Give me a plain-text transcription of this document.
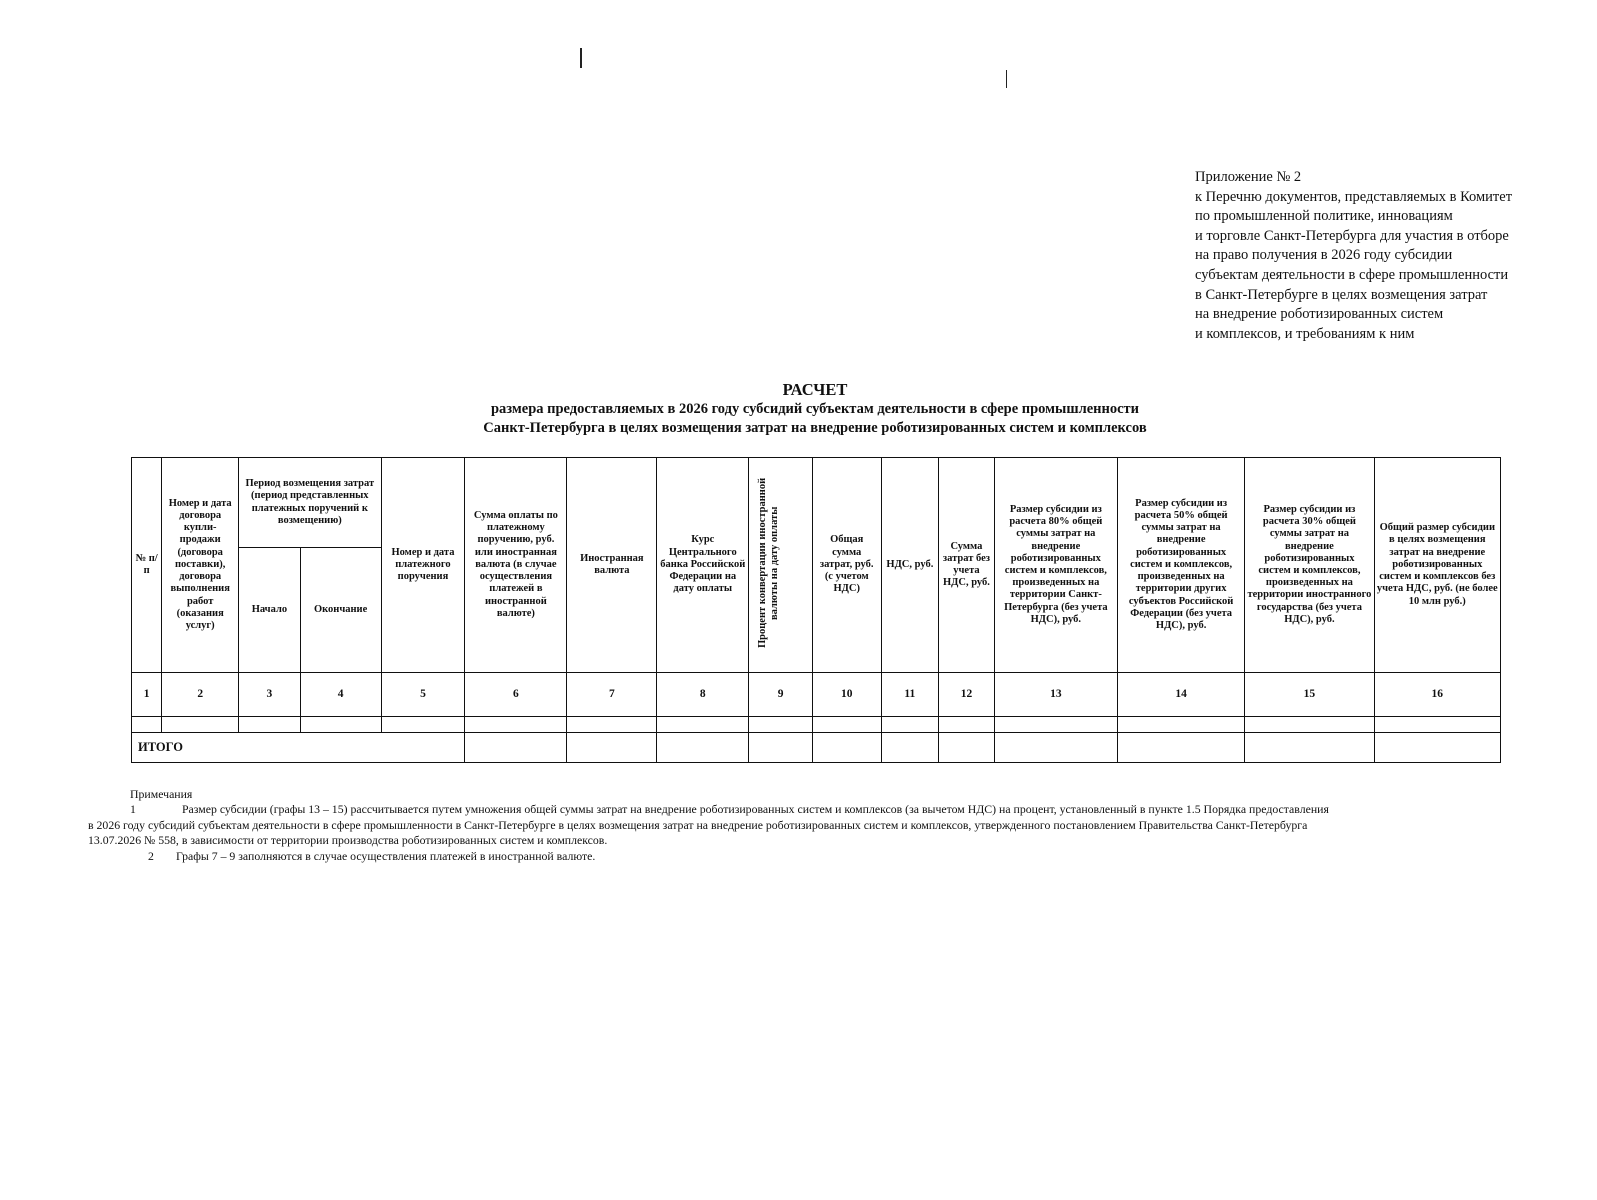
Приложение № 2
к Перечню документов, представляемых в Комитет
по промышленной политике, инновациям
и торговле Санкт-Петербурга для участия в отборе
на право получения в 2026 году субсидии
субъектам деятельности в сфере промышленности
в Санкт-Петербурге в целях возмещения затрат
на внедрение роботизированных систем
и комплексов, и требованиям к ним
РАСЧЕТ
размера предоставляемых в 2026 году субсидий субъектам деятельности в сфере промышленности
Санкт-Петербурга в целях возмещения затрат на внедрение роботизированных систем и комплексов
№ п/п	Номер и дата договора купли-продажи (договора поставки), договора выполнения работ (оказания услуг)	Период возмещения затрат (период представленных платежных поручений к возмещению)		Номер и дата платежного поручения	Сумма оплаты по платежному поручению, руб. или иностранная валюта (в случае осуществления платежей в иностранной валюте)	Иностранная валюта	Курс Центрального банка Российской Федерации на дату оплаты	Процент конвертации иностранной валюты на дату оплаты	Общая сумма затрат, руб. (с учетом НДС)	НДС, руб.	Сумма затрат без учета НДС, руб.	Размер субсидии из расчета 80% общей суммы затрат на внедрение роботизированных систем и комплексов, произведенных на территории Санкт-Петербурга (без учета НДС), руб.	Размер субсидии из расчета 50% общей суммы затрат на внедрение роботизированных систем и комплексов, произведенных на территории других субъектов Российской Федерации (без учета НДС), руб.	Размер субсидии из расчета 30% общей суммы затрат на внедрение роботизированных систем и комплексов, произведенных на территории иностранного государства (без учета НДС), руб.	Общий размер субсидии в целях возмещения затрат на внедрение роботизированных систем и комплексов без учета НДС, руб. (не более 10 млн руб.)
		Начало	Окончание												
1	2	3	4	5	6	7	8	9	10	11	12	13	14	15	16

ИТОГО															
Примечания
1	Размер субсидии (графы 13 – 15) рассчитывается путем умножения общей суммы затрат на внедрение роботизированных систем и комплексов (за вычетом НДС) на процент, установленный в пункте 1.5 Порядка предоставления
в 2026 году субсидий субъектам деятельности в сфере промышленности в Санкт-Петербурге в целях возмещения затрат на внедрение роботизированных систем и комплексов, утвержденного постановлением Правительства Санкт-Петербурга
13.07.2026 № 558, в зависимости от территории производства роботизированных систем и комплексов.
2 Графы 7 – 9 заполняются в случае осуществления платежей в иностранной валюте.
